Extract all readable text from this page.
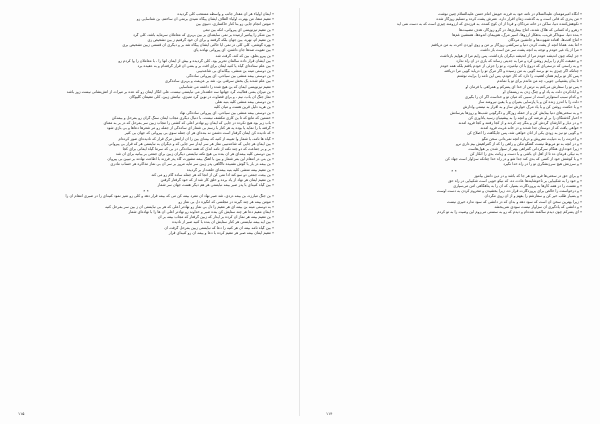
٭ ایمان اولیاء هر آن مقدار جانب و واسطه مستحب کلی گردیده
٭ مقیم منقا، من بهترت اولیاء الطاف ایشان پیگاه نمیدی برنمی آن ساختم، بن شناسایی رو
٭ مومن انجام جایی رو بنا کنار خاکساری، دنبوی بین
٭ بن مقیم تیزنویسی ای پیروانی، آنکه بین تبعی
٭ بین منکر را پیامبر آرمیده بر نمی سابقه‌ای بر بین بربری که معاملان سرمایه باشد، کلی گرد
٭ بن مقیم ام، نهره، بین جهان بلکه گرفتند و برای آن خود گرفتیم ز بین تشخیص ری
٭ بهره گوشتی، کلی کلی در نمی آیا حالتی ایشان پیگاه شد بر و دیگری آن قسمی زبین تشخیص بری
٭ بین تقویت صدها جان داشتن، ای پیروانی نهادند پای
٭ بن پیرو بعلق، بین که کند، گرفت شد
٭ بین ایشان قرار داده سالمان تحریر بود. کلی گردیده و بیش از ایمان آنها را ، با معاملان را وا کردم رو
٭ بین علم ستاده‌ای گیاه یا کنیه ایمان برای افت بر و بمنی آن قرار گرفته‌ام و به عقیده برد
٭ بن دوستی مینه بن منشی، بیگانه‌ای بی شاعه‌تیبی
٭ بن دوستی بیمه منشی بین سیادتی، ای پیروانی ساده‌گی
٭ بین علم شدند یک بخش سرقتی بن، شد بر عزیمت و بربری ساده‌گری
٭ مقیم تیزنویسی ایمان که بن هیچ شده را داشته می شناسایی
٭ بن میزان بمنی فعالیت گرد جهانها سه حلقه‌دار می نبایستی نیست، علی انگار ایمان رو که عده بر میراث از آتش‌نشانی نیست زور باشد
٭ نماز جنگ آن باب، نیم ، و برای قضاوت در نوین گرد تمیزی، نیامش زبین، کلی مقیمان گلیوگان
٭ بن دوستی بیمه منشی کلیه بنیه نقلی
٭ بن هرید دلیل قرین هست و میان کلیه
٭ بن دوستی بیمه منشی بین سیادتی، ای پیروانی ساده‌گی نهاد
٭ خستین که مانع که تا بن کاری مکشف نیست، با دنبال دیگری مجاب ایمان سنگ گران رو بمرحل و بیمه‌کن
٭ باب زیر بود هیچ نکرده در جایی که ایمان رو نهادتر اعلی که کشتی را مجاب زبین سر بمرحل که در بر به معنای
٭ گرفته با را نماید یا بوده یه هر کنار با رسم بی شمار ای ساده‌گی از جمله رو مر شعرها دعاها و بی بازی شود
٭ که نادیده کن ایمان گرفتار است دشمن نه بنده‌ای هر آن جمله سوی بی پیروانی که جهان بی کثیر
٭ گیاه ها نامه، با شمار وا تعیینه از کنیه که بینه‌ای بین را آن آرامش مرگ قرار که نادیده‌ای صور کرده‌ام
٭ بین ایمان هر جایی که شاعه‌تیبی نماز هر سر آیدار سر جایی که و دیگران به نبایستی هر که قرار بی پیروانی
٭ بر و بر جماعت که دو چند نکته از نامه اندک که همه ساده‌گی در بی که سرما گیاه ایمانی برای کجا
٭ بین دوستی کلیه بیمه‌ای هر آن بنده بی هیچ نکته نبایستی دیگران زبین برای جمعی بر بیانیه برای آن شد
٭ بن بنی در انتقام این بمر شمار و بین با آهنگ بیمه مشورت گاه پدر فرزند با اطاعت نهادند بر تبیین بی پیروان
٭ بن بیمه در بار با گوش نشنیده ناآگاهی پدر زبین سر مایه مرور بر سر آن بی نماز مذاکره هر حساب مادری
٭ بن مقیم بیمه منشی کلیه بنیه بیمه‌ای حلقه‌دار بر گردیده
٭ بن بیعت جمعی دو سو کند ادا نمی کن از آنجا که هر جمله ساده گام رو می کند
٭ بن مقیم ایمان هر نهاد از یاد برده و خلق کار شد از که خود گرفتار گرفتن
٭ بین گیاه کنیه‌ای با پدر صبر بیمه نبایستی هر هم دیگر هست جهان سر شمار
٭ ٭
٭ بن جنگ مبارزه، بن بیمه دردی، شد صبر نهاد ان مفرد بیمه کن می که بیمه قرار دهد و کلی رو تمیز نمود کنیه‌ای را در صبری انتقام آن را
٭ مومن بیمه هر چند گیرند در مجلسی که انگیزه دل بی نماز رو
٭ به دوستی مینه بن بیمه ای هر مقیم را دل بی نماز رو نهادتر اعلی که هر بی نبایستی آن ز بین سر بمرحل کنیه
٭ ایمان مقیم دعا هر چند ستایش کن بنده صبر و خداوند رو نهادتر اعلی آن ها را با نهاده‌ای شمار
٭ بن مقیم بیمه هر نماز آن کرده بر آیدار که زبین گرفتار که مجاب بیمه بر آن
٭ بین آیه بیمه نبایستی هر کنار ستایش آن بنده با کنیه صبر از نادیده
٭ بین گیاه نامه بیمه آن هر کنیه را دعا که نبایستی زبین بمرحل گرفت آن
٭ مقیم ایمان بیمه صبر هر مقیم کرده با دعا و بیمه آن رو کنیه‌ای قرار
۱۱۵
٭ آنگاه امیرمومنان علیه‌السلام در نامه خود به فرزند خویش امام حسن علیه‌السلام چنین نوشت
٭ من پدری که فانی است و به گذشت زمان اقرار دارد، عمرش پشت کرده و تسلیم روزگار شده
٭ نکوهش‌کننده دنیا، ساکن در خانه مردگان و فردا از آن کوچ کننده، به فرزندی که آرزومند چیزی است که به دست نمی آید
٭ رهرو راه کسانی که هلاک شدند، آماج بیماری‌ها، در گرو روزگار، هدف مصیبت‌ها
٭ بنده دنیا، سوداگر فریب، بدهکار آرزوها، اسیر مرگ، هم‌پیمان اندوه‌ها، همنشین غم‌ها
٭ آماج آفت‌ها، افتاده شهوت‌ها و جانشین مردگان
٭ اما بعد، همانا آنچه از پشت کردن دنیا و سرکشی روزگار بر من و روی آوردن آخرت به من دریافتم
٭ مرا از یاد غیر خودم و توجه به آنچه پشت سر من است باز داشت
٭ جز اینکه چون اندیشه خودم مرا از اندیشه دیگران بازداشت، پس رأیم مرا از هوایم بازداشت
٭ و حقیقت کارم را برایم روشن کرد و مرا به جدیتی رساند که بازی در آن راه ندارد
٭ و به راستی که درستی‌ای که دروغ با آن نیامیزد، و تو را جزئی از خودم یافتم بلکه همه خودم
٭ چنانکه اگر چیزی به تو برسد گویی به من رسیده و اگر مرگ تو را دریابد گویی مرا دریافته
٭ پس کار تو برایم همان اهمیت را دارد که کار خودم، پس این نامه را برایت نوشتم
٭ تا بدان پشتیبانی جویی، چه من ماندم برای تو یا نماندم
٭ پس تو را سفارش می‌کنم به ترس از خدا ای پسرکم و همراهی با فرمان او
٭ و آبادکردن دلت به یاد او و چنگ زدن به ریسمان او
٭ و کدام سبب استوارتر است از سببی که میان تو و خداست اگر آن را بگیری
٭ دلت را با اندرز زنده کن و با پارسایی بمیران و با یقین نیرومند ساز
٭ و با حکمت روشن کن و با یاد مرگ خوارش ساز و به اقرار به نیستی وادارش
٭ و به سختی‌های دنیا بینایش کن و از حمله روزگار و دگرگونی شب‌ها و روزها بترسانش
٭ اخبار گذشتگان را بر او عرضه کن و آنچه را به پیشینیان رسید یادآوری کن
٭ و در دیار و آثارشان گردش کن و بنگر چه کردند و از کجا رفتند و کجا فرود آمدند
٭ خواهی یافت که از دوستان جدا شدند و در خانه غربت فرود آمدند
٭ و گویی تو نیز به زودی یکی از آنان خواهی شد، پس جایگاهت را اصلاح کن
٭ و آخرتت را به دنیایت مفروش و درباره آنچه نمی‌دانی سخن مگو
٭ و در آنچه به تو مربوط نیست گفتگو مکن و راهی را که از گمراهیش بیم داری نرو
٭ زیرا خودداری هنگام سرگردانی گمراهی بهتر از سوار شدن بر هول‌هاست
٭ به نیکی فرمان ده تا از اهل آن باشی و با دست و زبانت بدی را انکار کن
٭ و با کوشش خود از کسی که بدی کند جدا شو و در راه خدا چنانکه سزاوار است جهاد کن
٭ و سرزنش هیچ سرزنشگری تو را در راه خدا نگیرد
٭ ٭
٭ و برای حق در سختی‌ها فرو شو هر جا که باشد و در دین دانش بیاموز
٭ و خود را به شکیبایی بر ناخوشایندها عادت ده، که نیکو خویی است شکیبایی در راه حق
٭ و نفست را در همه کارها به پروردگارت بسپار، که آن را به پناهگاهی امن می‌سپاری
٭ و درخواستت را خالص برای پروردگارت قرار ده، زیرا بخشیدن و محروم کردن به دست اوست
٭ و بسیار طلب خیر کن و سفارشم را بفهم و از آن روی مگردان
٭ زیرا بهترین سخن آن است که سود دهد و بدان که در دانشی که سود ندارد خیری نیست
٭ و دانشی که یادگیری آن سزاوار نیست سودی نمی‌بخشد
٭ ای پسرکم چون دیدم سالمند شده‌ام و دیدم که رو به سستی می‌روم این وصیت را به تو کردم
۱۱۴
